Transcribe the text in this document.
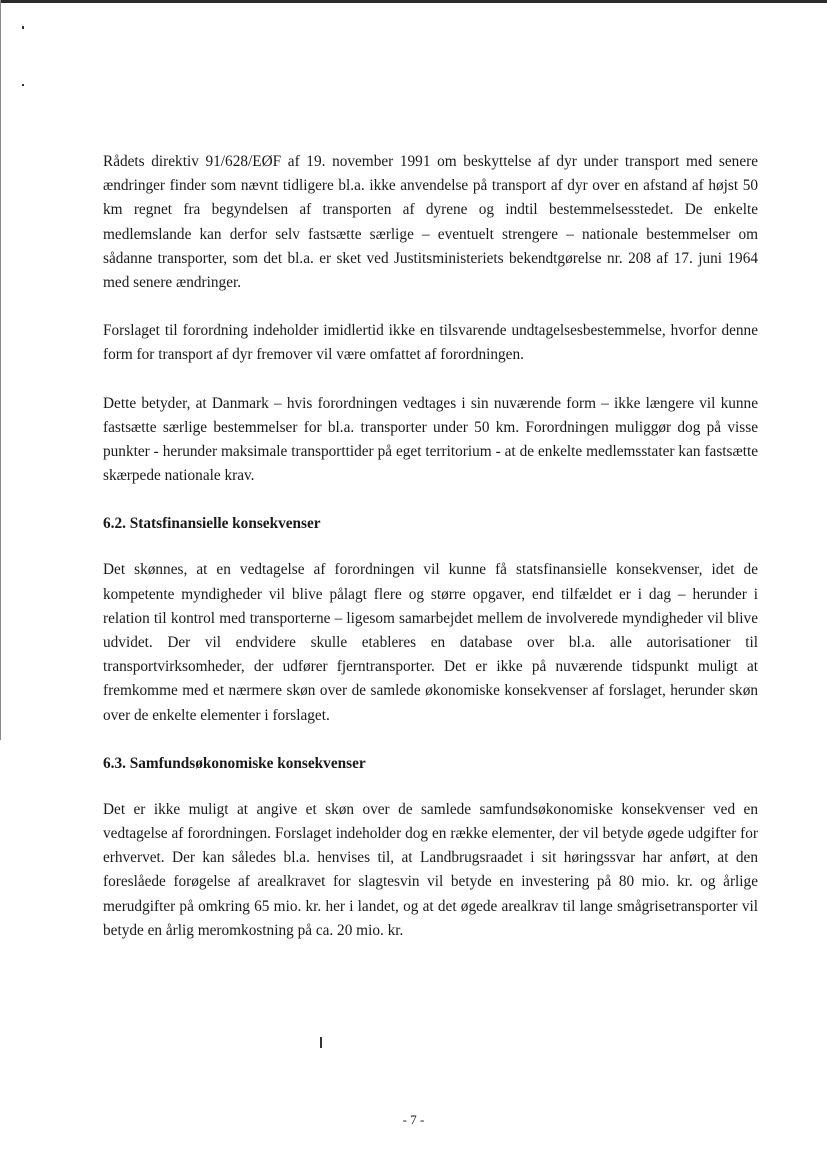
Rådets direktiv 91/628/EØF af 19. november 1991 om beskyttelse af dyr under transport med senere ændringer finder som nævnt tidligere bl.a. ikke anvendelse på transport af dyr over en afstand af højst 50 km regnet fra begyndelsen af transporten af dyrene og indtil bestemmelsesstedet. De enkelte medlemslande kan derfor selv fastsætte særlige – eventuelt strengere – nationale bestemmelser om sådanne transporter, som det bl.a. er sket ved Justitsministeriets bekendtgørelse nr. 208 af 17. juni 1964 med senere ændringer.

Forslaget til forordning indeholder imidlertid ikke en tilsvarende undtagelsesbestemmelse, hvorfor denne form for transport af dyr fremover vil være omfattet af forordningen.

Dette betyder, at Danmark – hvis forordningen vedtages i sin nuværende form – ikke længere vil kunne fastsætte særlige bestemmelser for bl.a. transporter under 50 km. Forordningen muliggør dog på visse punkter - herunder maksimale transporttider på eget territorium - at de enkelte medlemsstater kan fastsætte skærpede nationale krav.

6.2. Statsfinansielle konsekvenser

Det skønnes, at en vedtagelse af forordningen vil kunne få statsfinansielle konsekvenser, idet de kompetente myndigheder vil blive pålagt flere og større opgaver, end tilfældet er i dag – herunder i relation til kontrol med transporterne – ligesom samarbejdet mellem de involverede myndigheder vil blive udvidet. Der vil endvidere skulle etableres en database over bl.a. alle autorisationer til transportvirksomheder, der udfører fjerntransporter. Det er ikke på nuværende tidspunkt muligt at fremkomme med et nærmere skøn over de samlede økonomiske konsekvenser af forslaget, herunder skøn over de enkelte elementer i forslaget.

6.3. Samfundsøkonomiske konsekvenser

Det er ikke muligt at angive et skøn over de samlede samfundsøkonomiske konsekvenser ved en vedtagelse af forordningen. Forslaget indeholder dog en række elementer, der vil betyde øgede udgifter for erhvervet. Der kan således bl.a. henvises til, at Landbrugsraadet i sit høringssvar har anført, at den foreslåede forøgelse af arealkravet for slagtesvin vil betyde en investering på 80 mio. kr. og årlige merudgifter på omkring 65 mio. kr. her i landet, og at det øgede arealkrav til lange smågrisetransporter vil betyde en årlig meromkostning på ca. 20 mio. kr.

- 7 -
